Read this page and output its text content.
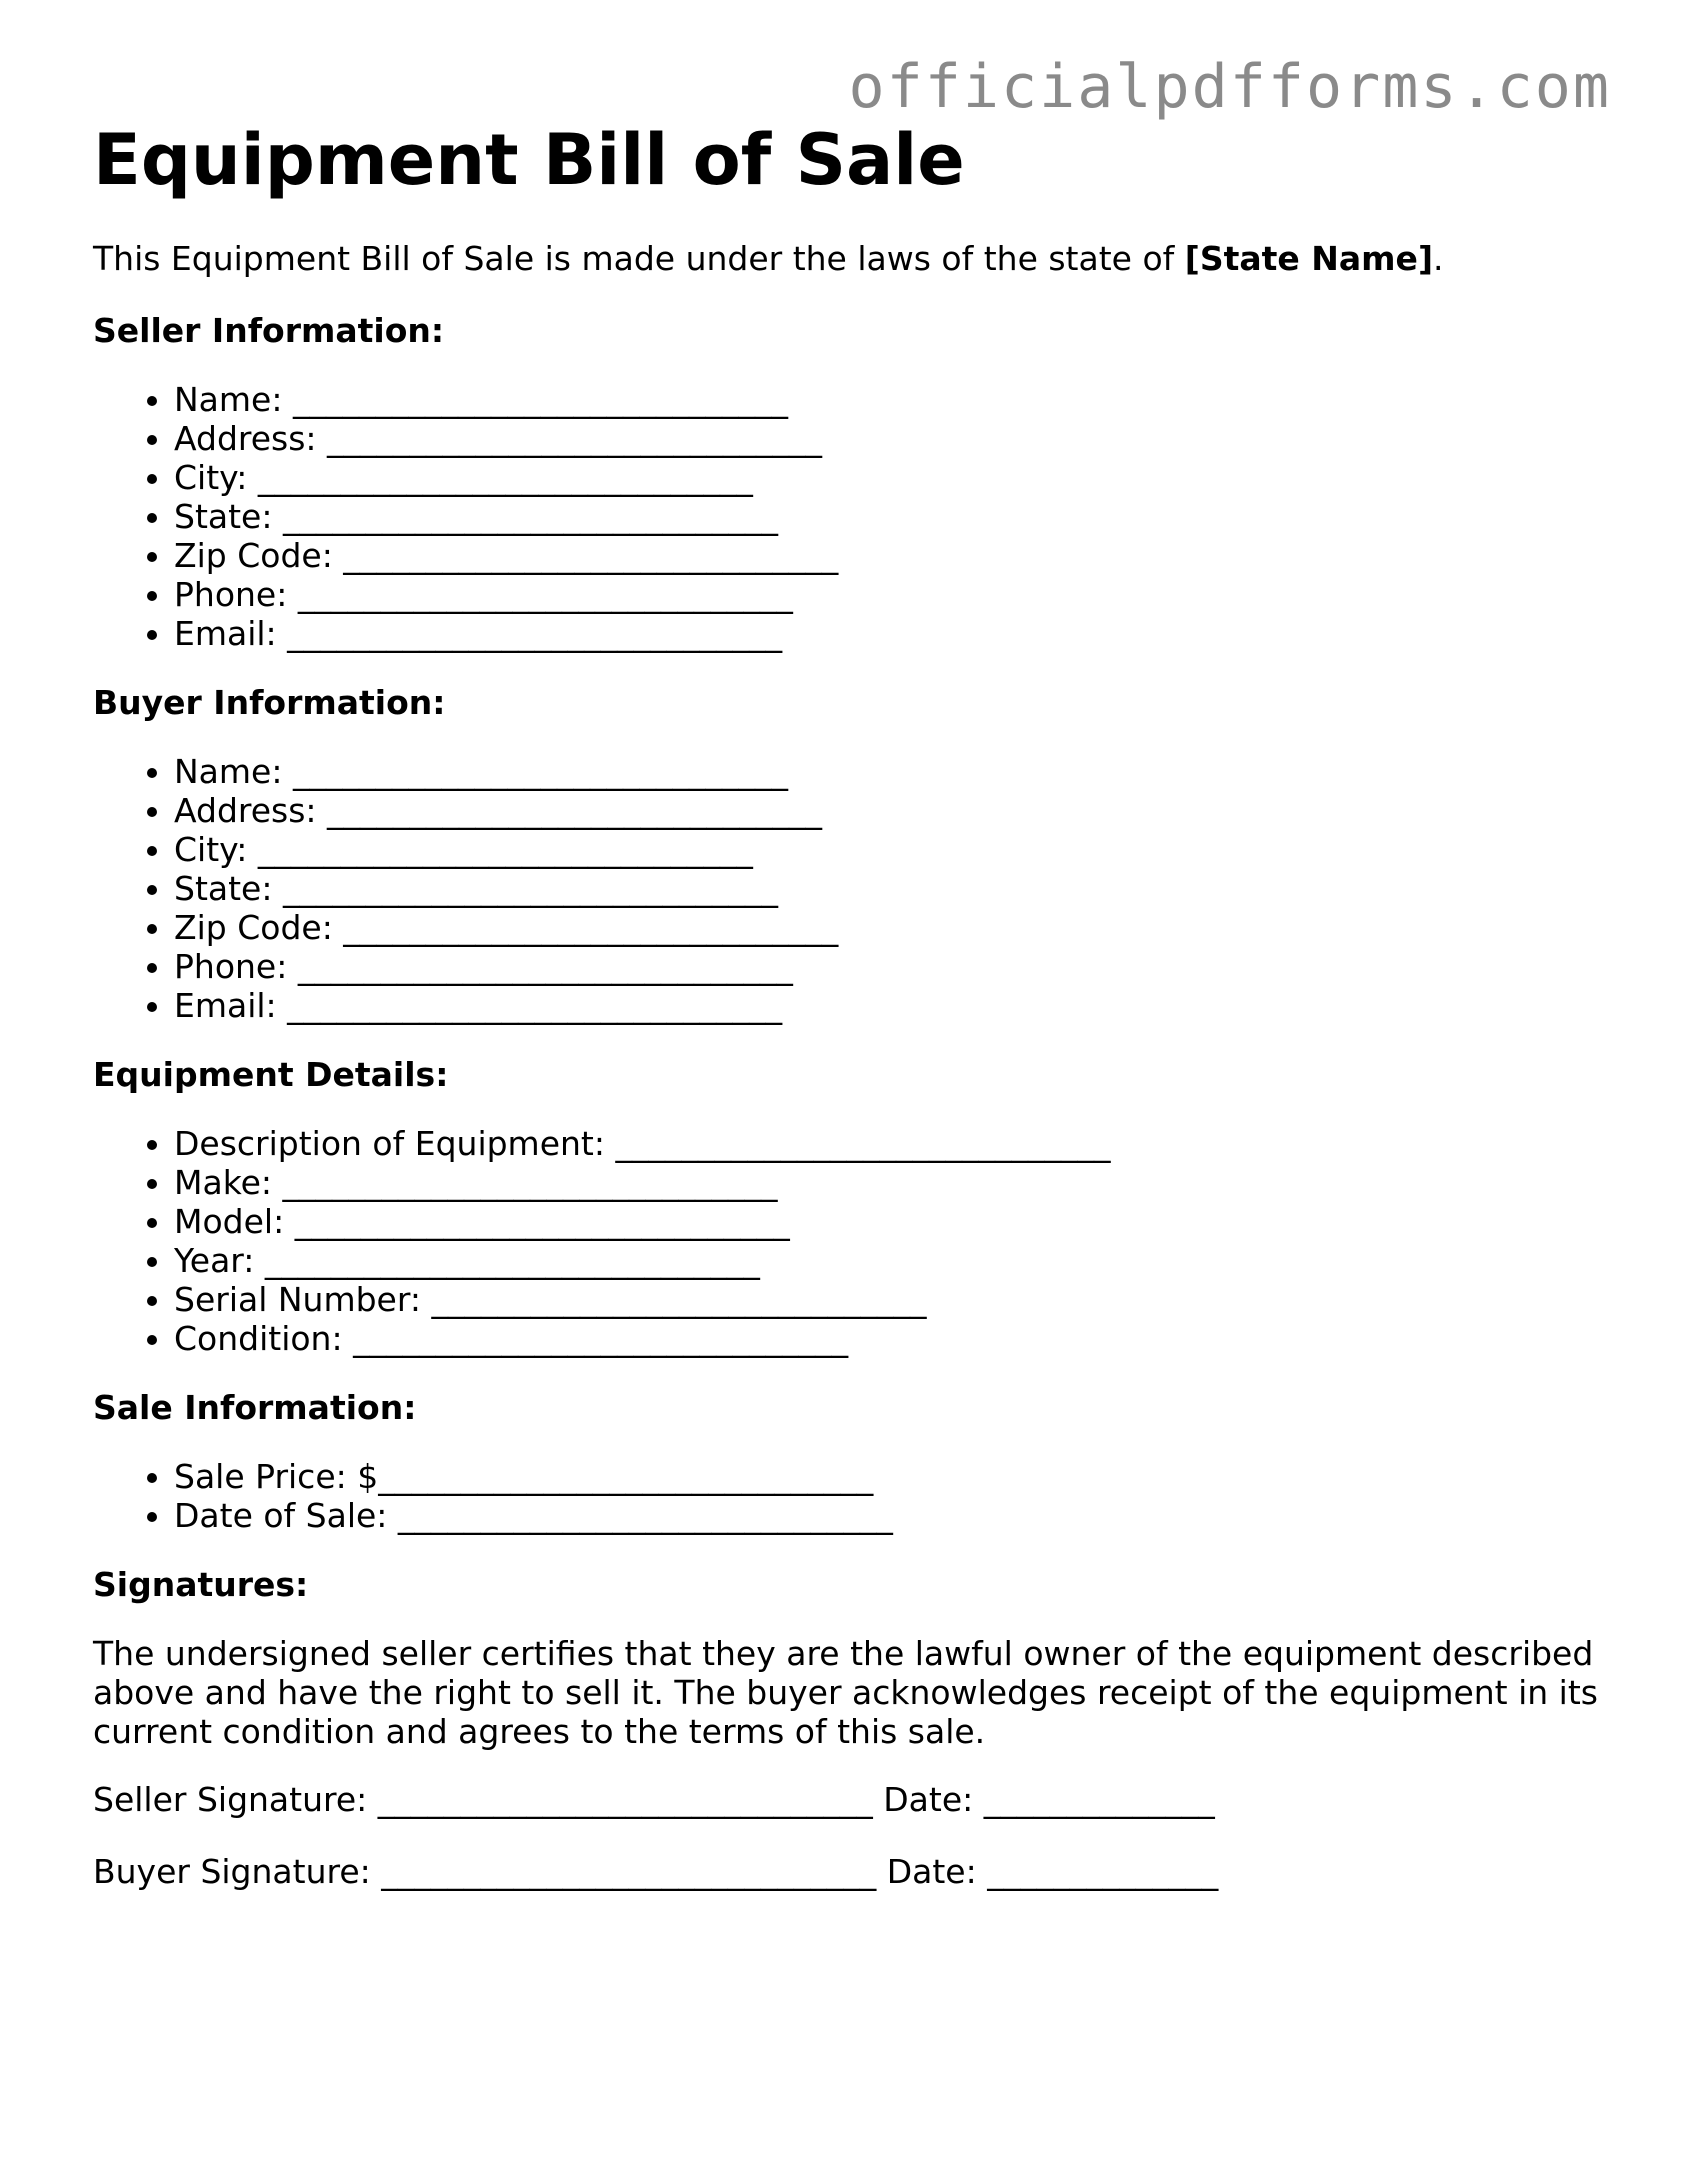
officialpdfforms.com
Equipment Bill of Sale

This Equipment Bill of Sale is made under the laws of the state of [State Name].

Seller Information:
• Name: ______________________________
• Address: ______________________________
• City: ______________________________
• State: ______________________________
• Zip Code: ______________________________
• Phone: ______________________________
• Email: ______________________________
Buyer Information:
• Name: ______________________________
• Address: ______________________________
• City: ______________________________
• State: ______________________________
• Zip Code: ______________________________
• Phone: ______________________________
• Email: ______________________________
Equipment Details:
• Description of Equipment: ______________________________
• Make: ______________________________
• Model: ______________________________
• Year: ______________________________
• Serial Number: ______________________________
• Condition: ______________________________
Sale Information:
• Sale Price: $______________________________
• Date of Sale: ______________________________
Signatures:

The undersigned seller certifies that they are the lawful owner of the equipment described above and have the right to sell it. The buyer acknowledges receipt of the equipment in its current condition and agrees to the terms of this sale.

Seller Signature: ______________________________ Date: ______________
Buyer Signature: ______________________________ Date: ______________
